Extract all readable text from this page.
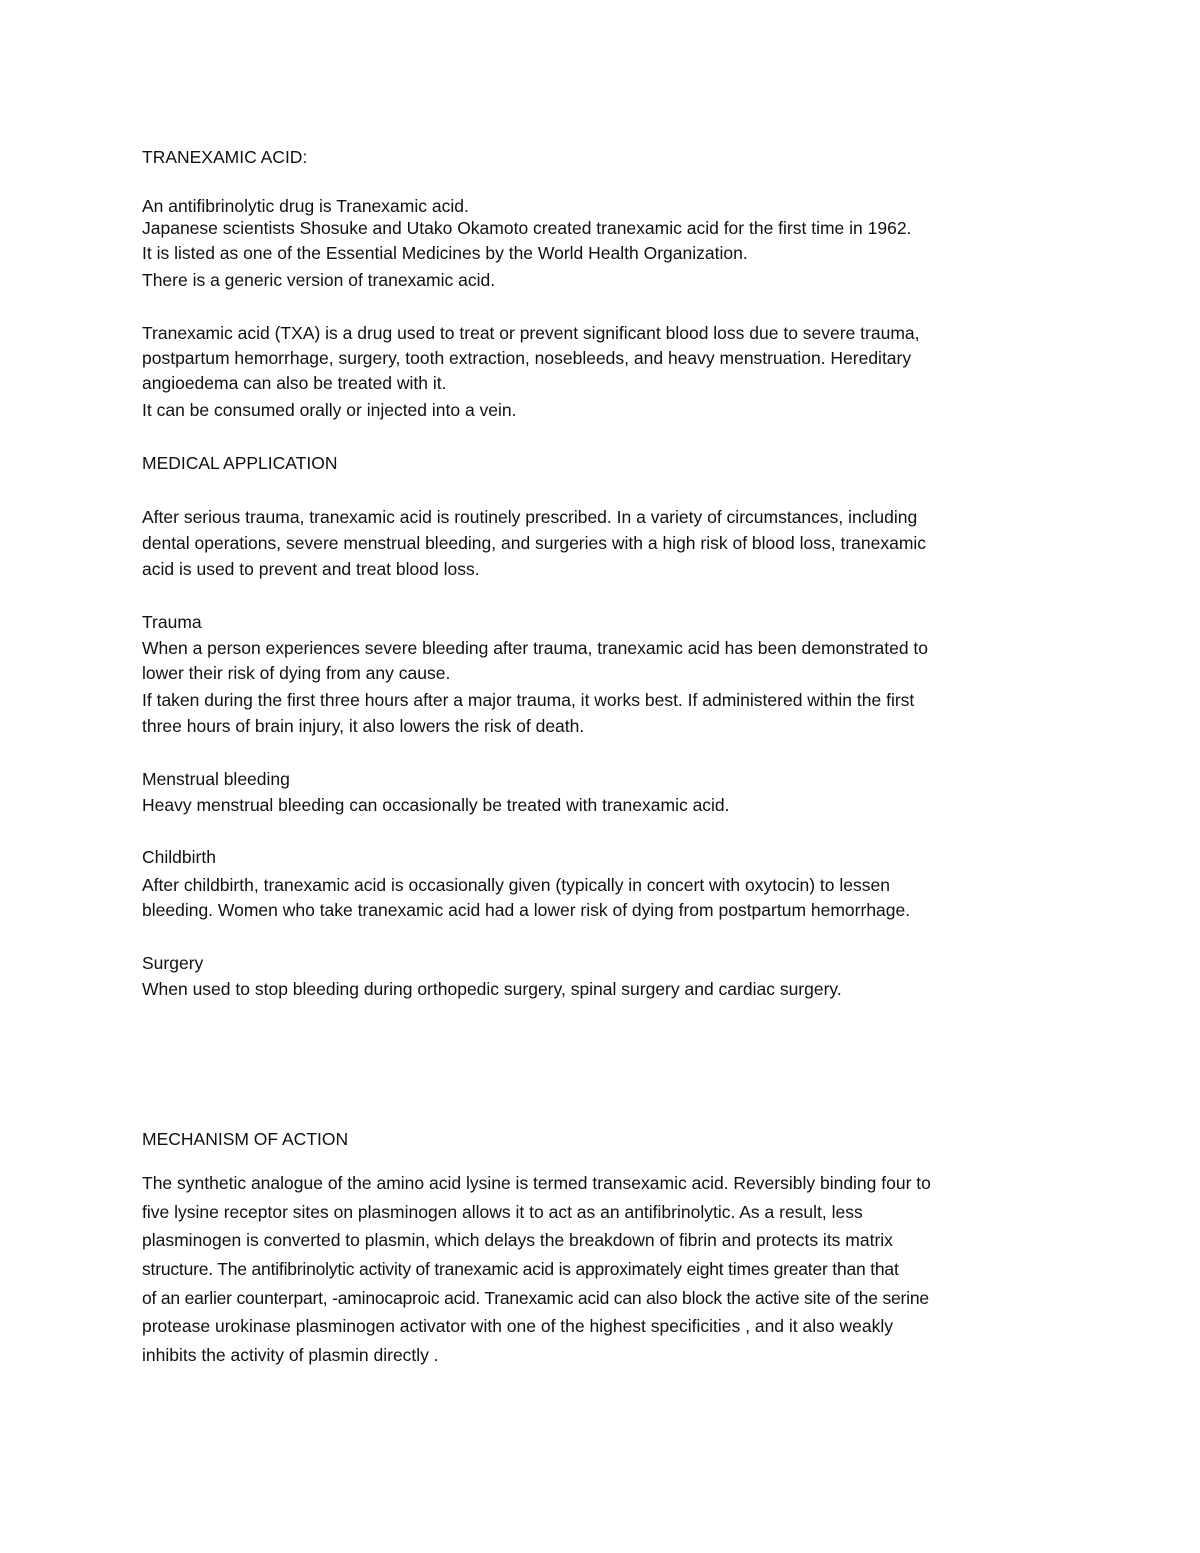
TRANEXAMIC ACID:

An antifibrinolytic drug is Tranexamic acid.

Japanese scientists Shosuke and Utako Okamoto created tranexamic acid for the first time in 1962.

It is listed as one of the Essential Medicines by the World Health Organization.

There is a generic version of tranexamic acid.

Tranexamic acid (TXA) is a drug used to treat or prevent significant blood loss due to severe trauma,

postpartum hemorrhage, surgery, tooth extraction, nosebleeds, and heavy menstruation. Hereditary

angioedema can also be treated with it.

It can be consumed orally or injected into a vein.

MEDICAL APPLICATION

After serious trauma, tranexamic acid is routinely prescribed. In a variety of circumstances, including

dental operations, severe menstrual bleeding, and surgeries with a high risk of blood loss, tranexamic

acid is used to prevent and treat blood loss.

Trauma

When a person experiences severe bleeding after trauma, tranexamic acid has been demonstrated to

lower their risk of dying from any cause.

If taken during the first three hours after a major trauma, it works best. If administered within the first

three hours of brain injury, it also lowers the risk of death.

Menstrual bleeding

Heavy menstrual bleeding can occasionally be treated with tranexamic acid.

Childbirth

After childbirth, tranexamic acid is occasionally given (typically in concert with oxytocin) to lessen

bleeding. Women who take tranexamic acid had a lower risk of dying from postpartum hemorrhage.

Surgery

When used to stop bleeding during orthopedic surgery, spinal surgery and cardiac surgery.

MECHANISM OF ACTION

The synthetic analogue of the amino acid lysine is termed transexamic acid. Reversibly binding four to

five lysine receptor sites on plasminogen allows it to act as an antifibrinolytic. As a result, less

plasminogen is converted to plasmin, which delays the breakdown of fibrin and protects its matrix

structure. The antifibrinolytic activity of tranexamic acid is approximately eight times greater than that

of an earlier counterpart, -aminocaproic acid. Tranexamic acid can also block the active site of the serine

protease urokinase plasminogen activator with one of the highest specificities , and it also weakly

inhibits the activity of plasmin directly .
